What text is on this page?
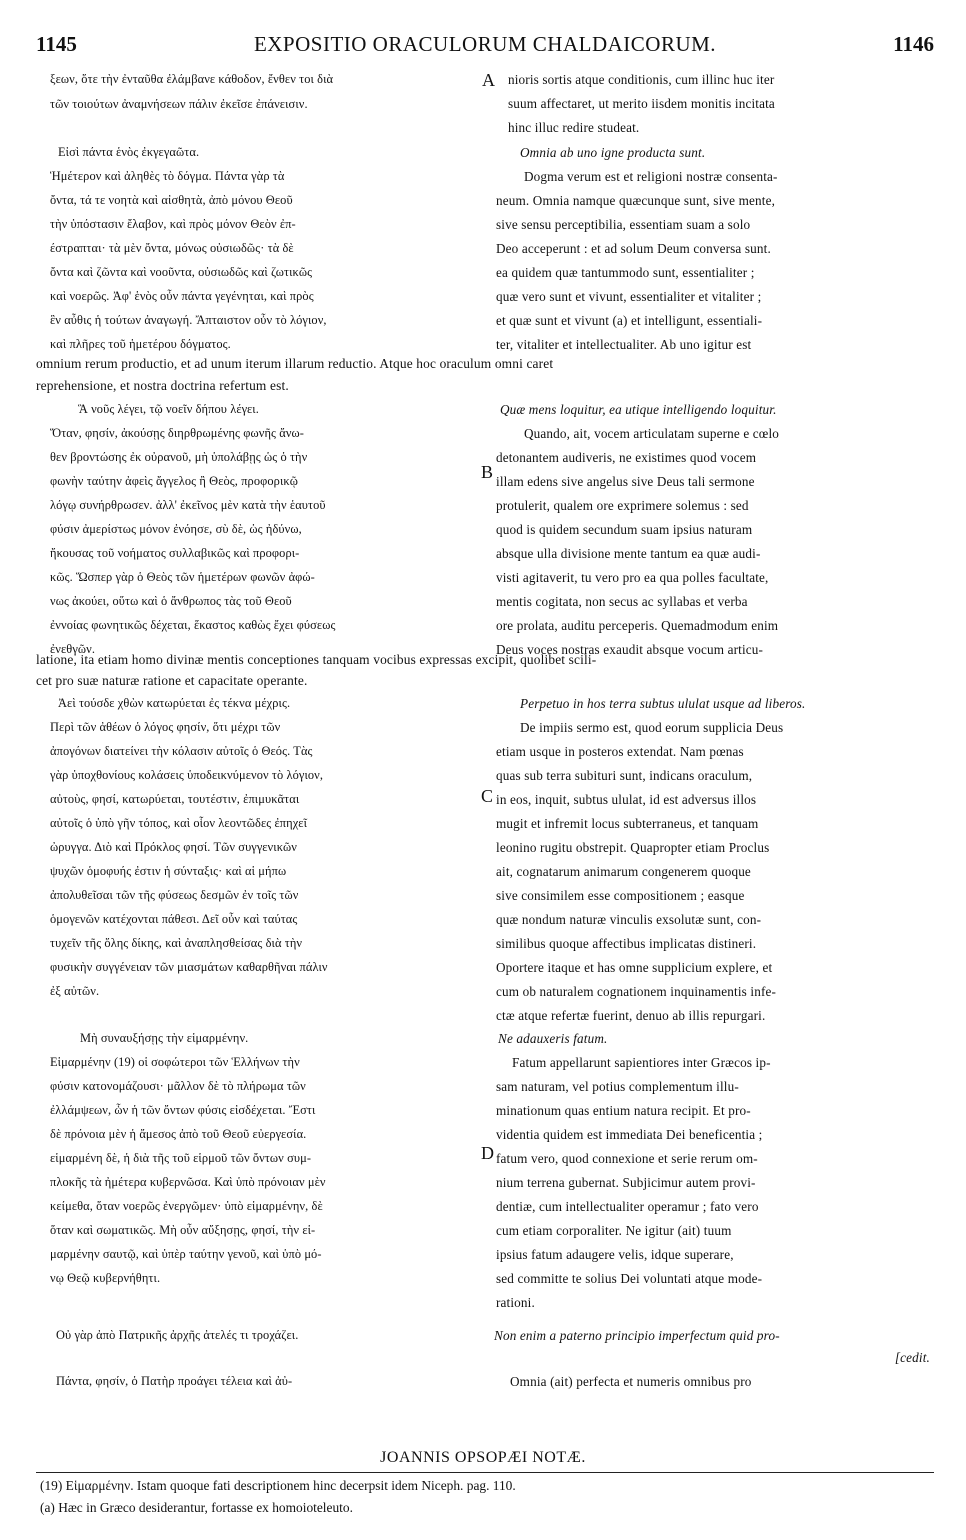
1145	EXPOSITIO ORACULORUM CHALDAICORUM.	1146
ξεων, ὅτε τὴν ἐνταῦθα ἐλάμβανε κάθοδον, ἔνθεν τοι διὰ
τῶν τοιούτων ἀναμνήσεων πάλιν ἐκεῖσε ἐπάνεισιν.
Εἰσὶ πάντα ἑνὸς ἐκγεγαῶτα.
Ἡμέτερον καὶ ἀληθὲς τὸ δόγμα. Πάντα γὰρ τὰ
ὄντα, τά τε νοητὰ καὶ αἰσθητὰ, ἀπὸ μόνου Θεοῦ
τὴν ὑπόστασιν ἔλαβον, καὶ πρὸς μόνον Θεὸν ἐπ-
έστραπται· τὰ μὲν ὄντα, μόνως οὐσιωδῶς· τὰ δὲ
ὄντα καὶ ζῶντα καὶ νοοῦντα, οὐσιωδῶς καὶ ζωτικῶς
καὶ νοερῶς. Ἀφ' ἑνὸς οὖν πάντα γεγένηται, καὶ πρὸς
ἓν αὖθις ἡ τούτων ἀναγωγή. Ἄπταιστον οὖν τὸ λόγιον,
καὶ πλῆρες τοῦ ἡμετέρου δόγματος.
Ἃ νοῦς λέγει, τῷ νοεῖν δήπου λέγει.
Ὅταν, φησίν, ἀκούσῃς διηρθρωμένης φωνῆς ἄνω-
θεν βροντώσης ἐκ οὐρανοῦ, μὴ ὑπολάβῃς ὡς ὁ τὴν
φωνὴν ταύτην ἀφεὶς ἄγγελος ἢ Θεὸς, προφορικῷ
λόγῳ συνήρθρωσεν. ἀλλ' ἐκεῖνος μὲν κατὰ τὴν ἑαυτοῦ
φύσιν ἀμερίστως μόνον ἐνόησε, σὺ δὲ, ὡς ἠδύνω,
ἤκουσας τοῦ νοήματος συλλαβικῶς καὶ προφορι-
κῶς. Ὥσπερ γὰρ ὁ Θεὸς τῶν ἡμετέρων φωνῶν ἀφώ-
νως ἀκούει, οὕτω καὶ ὁ ἄνθρωπος τὰς τοῦ Θεοῦ
ἐννοίας φωνητικῶς δέχεται, ἕκαστος καθὼς ἔχει φύσεως
ἐνεθγῶν.
Ἀεὶ τούσδε χθὼν κατωρύεται ἐς τέκνα μέχρις.
Περὶ τῶν ἀθέων ὁ λόγος φησίν, ὅτι μέχρι τῶν
ἀπογόνων διατείνει τὴν κόλασιν αὐτοῖς ὁ Θεός. Τὰς
γὰρ ὑποχθονίους κολάσεις ὑποδεικνύμενον τὸ λόγιον,
αὐτοὺς, φησί, κατωρύεται, τουτέστιν, ἐπιμυκᾶται
αὐτοῖς ὁ ὑπὸ γῆν τόπος, καὶ οἷον λεοντῶδες ἐπηχεῖ
ὠρυγγα. Διὸ καὶ Πρόκλος φησί. Τῶν συγγενικῶν
ψυχῶν ὁμοφυής ἐστιν ἡ σύνταξις· καὶ αἱ μήπω
ἀπολυθεῖσαι τῶν τῆς φύσεως δεσμῶν ἐν τοῖς τῶν
ὁμογενῶν κατέχονται πάθεσι. Δεῖ οὖν καὶ ταύτας
τυχεῖν τῆς ὅλης δίκης, καὶ ἀναπλησθείσας διὰ τὴν
φυσικὴν συγγένειαν τῶν μιασμάτων καθαρθῆναι πάλιν
ἐξ αὐτῶν.
Μὴ συναυξήσῃς τὴν εἱμαρμένην.
Εἱμαρμένην (19) οἱ σοφώτεροι τῶν Ἑλλήνων τὴν
φύσιν κατονομάζουσι· μᾶλλον δὲ τὸ πλήρωμα τῶν
ἐλλάμψεων, ὧν ἡ τῶν ὄντων φύσις εἰσδέχεται. Ἔστι
δὲ πρόνοια μὲν ἡ ἄμεσος ἀπὸ τοῦ Θεοῦ εὐεργεσία.
εἱμαρμένη δὲ, ἡ διὰ τῆς τοῦ εἱρμοῦ τῶν ὄντων συμ-
πλοκῆς τὰ ἠμέτερα κυβερνῶσα. Καὶ ὑπὸ πρόνοιαν μὲν
κείμεθα, ὅταν νοερῶς ἐνεργῶμεν· ὑπὸ εἱμαρμένην, δὲ
ὅταν καὶ σωματικῶς. Μὴ οὖν αὔξησῃς, φησί, τὴν εἱ-
μαρμένην σαυτῷ, καὶ ὑπὲρ ταύτην γενοῦ, καὶ ὑπὸ μό-
νῳ Θεῷ κυβερνήθητι.
Οὐ γὰρ ἀπὸ Πατρικῆς ἀρχῆς ἀτελές τι τροχάζει.
Πάντα, φησίν, ὁ Πατὴρ προάγει τέλεια καὶ ἀὐ-
nioris sortis atque conditionis, cum illinc huc iter
suum affectaret, ut merito iisdem monitis incitata
hinc illuc redire studeat.
Omnia ab uno igne producta sunt.
Dogma verum est et religioni nostræ consenta-
neum. Omnia namque quæcunque sunt, sive mente,
sive sensu perceptibilia, essentiam suam a solo
Deo acceperunt : et ad solum Deum conversa sunt.
ea quidem quæ tantummodo sunt, essentialiter ;
quæ vero sunt et vivunt, essentialiter et vitaliter ;
et quæ sunt et vivunt (a) et intelligunt, essentiali-
ter, vitaliter et intellectualiter. Ab uno igitur est
Quæ mens loquitur, ea utique intelligendo loquitur.
Quando, ait, vocem articulatam superne e cœlo
detonantem audiveris, ne existimes quod vocem
illam edens sive angelus sive Deus tali sermone
protulerit, qualem ore exprimere solemus : sed
quod is quidem secundum suam ipsius naturam
absque ulla divisione mente tantum ea quæ audi-
visti agitaverit, tu vero pro ea qua polles facultate,
mentis cogitata, non secus ac syllabas et verba
ore prolata, auditu perceperis. Quemadmodum enim
Deus voces nostras exaudit absque vocum articu-
Perpetuo in hos terra subtus ululat usque ad liberos.
De impiis sermo est, quod eorum supplicia Deus
etiam usque in posteros extendat. Nam pœnas
quas sub terra subituri sunt, indicans oraculum,
in eos, inquit, subtus ululat, id est adversus illos
mugit et infremit locus subterraneus, et tanquam
leonino rugitu obstrepit. Quapropter etiam Proclus
ait, cognatarum animarum congenerem quoque
sive consimilem esse compositionem ; easque
quæ nondum naturæ vinculis exsolutæ sunt, con-
similibus quoque affectibus implicatas distineri.
Oportere itaque et has omne supplicium explere, et
cum ob naturalem cognationem inquinamentis infe-
ctæ atque refertæ fuerint, denuo ab illis repurgari.
Ne adauxeris fatum.
Fatum appellarunt sapientiores inter Græcos ip-
sam naturam, vel potius complementum illu-
minationum quas entium natura recipit. Et pro-
videntia quidem est immediata Dei beneficentia ;
fatum vero, quod connexione et serie rerum om-
nium terrena gubernat. Subjicimur autem provi-
dentiæ, cum intellectualiter operamur ; fato vero
cum etiam corporaliter. Ne igitur (ait) tuum
ipsius fatum adaugere velis, idque superare,
sed committe te solius Dei voluntati atque mode-
rationi.
Non enim a paterno principio imperfectum quid pro-
[cedit.
Omnia (ait) perfecta et numeris omnibus pro
omnium rerum productio, et ad unum iterum illarum reductio. Atque hoc oraculum omni caret
reprehensione, et nostra doctrina refertum est.
latione, ita etiam homo divinæ mentis conceptiones tanquam vocibus expressas excipit, quolibet scili-
cet pro suæ naturæ ratione et capacitate operante.
A
B
C
D
JOANNIS OPSOPÆI NOTÆ.
(19) Εἱμαρμένην. Istam quoque fati descriptionem hinc decerpsit idem Niceph. pag. 110.
(a) Hæc in Græco desiderantur, fortasse ex homoioteleuto.
